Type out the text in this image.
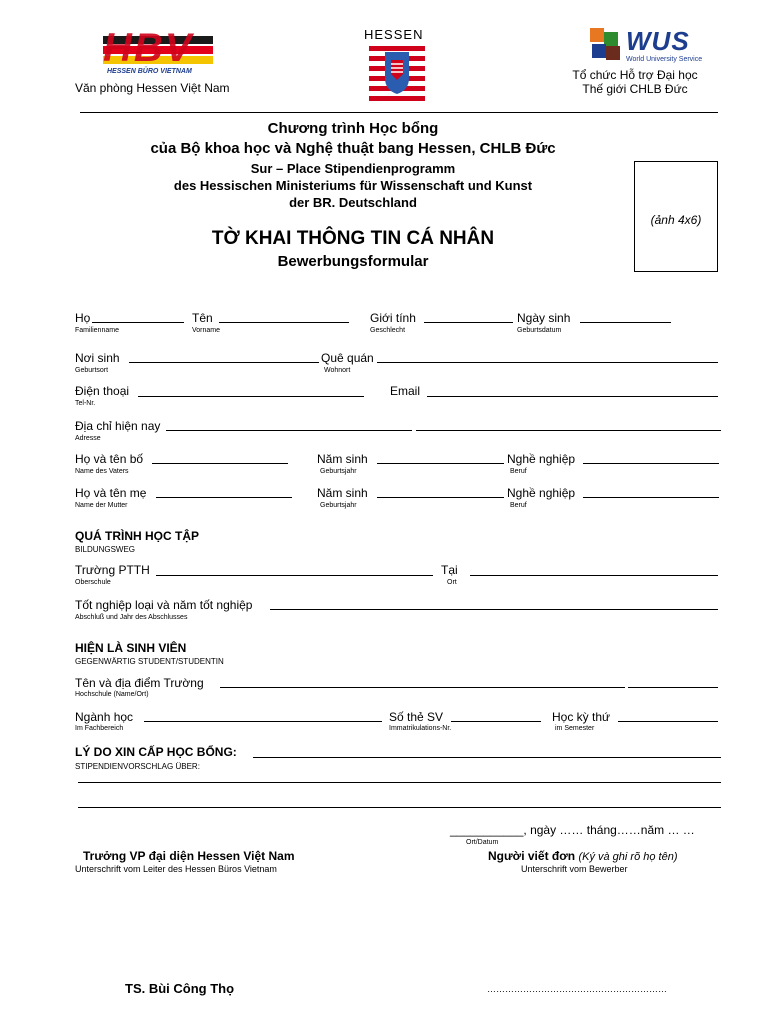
HBV
HESSEN BÜRO VIETNAM
Văn phòng Hessen Việt Nam
HESSEN	WUS
World University Service
Tổ chức Hỗ trợ Đại học
Thế giới CHLB Đức
Chương trình Học bổng
của Bộ khoa học và Nghệ thuật bang Hessen, CHLB Đức
Sur – Place Stipendienprogramm
des Hessischen Ministeriums für Wissenschaft und Kunst
der BR. Deutschland
TỜ KHAI THÔNG TIN CÁ NHÂN
Bewerbungsformular
(ảnh 4x6)
Họ
Familienname
Tên
Vorname
Giới tính
Geschlecht
Ngày sinh
Geburtsdatum
Nơi sinh
Geburtsort
Quê quán
Wohnort
Điện thoại
Tel-Nr.
Email
Địa chỉ hiện nay
Adresse
Họ và tên bố
Name des Vaters
Năm sinh
Geburtsjahr
Nghề nghiệp
Beruf
Họ và tên mẹ
Name der Mutter
Năm sinh
Geburtsjahr
Nghề nghiệp
Beruf
QUÁ TRÌNH HỌC TẬP
BILDUNGSWEG
Trường PTTH
Oberschule
Tại
Ort
Tốt nghiệp loại và năm tốt nghiệp
Abschluß und Jahr des Abschlusses
HIỆN LÀ SINH VIÊN
GEGENWÄRTIG STUDENT/STUDENTIN
Tên và địa điểm Trường
Hochschule (Name/Ort)
Ngành học
Im Fachbereich
Số thẻ SV
Immatrikulations-Nr.
Học kỳ thứ
im Semester
LÝ DO XIN CẤP HỌC BỔNG:
STIPENDIENVORSCHLAG ÜBER:
___________, ngày …… tháng……năm … …
Ort/Datum
Trưởng VP đại diện Hessen Việt Nam
Unterschrift vom Leiter des Hessen Büros Vietnam
Người viết đơn (Ký và ghi rõ họ tên)
Unterschrift vom Bewerber
TS. Bùi Công Thọ	……………………………………………………
